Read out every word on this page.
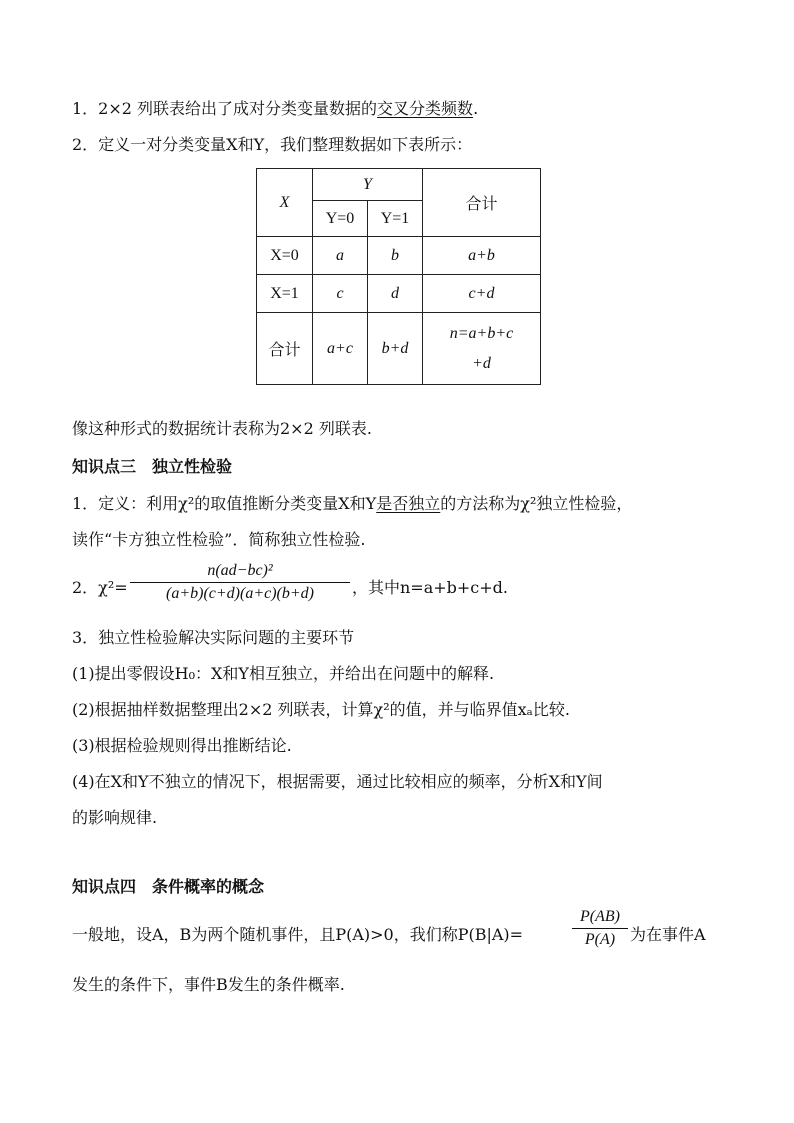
1．2×2 列联表给出了成对分类变量数据的交叉分类频数.
2．定义一对分类变量X和Y，我们整理数据如下表所示：
X	Y		合计
	Y=0	Y=1	
X=0	a	b	a+b
X=1	c	d	c+d
合计	a+c	b+d	n=a+b+c
+d
像这种形式的数据统计表称为2×2 列联表.
知识点三　独立性检验
1．定义：利用χ²的取值推断分类变量X和Y是否独立的方法称为χ²独立性检验，
读作“卡方独立性检验”．简称独立性检验.
2．χ²=
n(ad−bc)²
(a+b)(c+d)(a+c)(b+d)	，其中n=a+b+c+d.
3．独立性检验解决实际问题的主要环节
(1)提出零假设H₀：X和Y相互独立，并给出在问题中的解释.
(2)根据抽样数据整理出2×2 列联表，计算χ²的值，并与临界值xₐ比较.
(3)根据检验规则得出推断结论.
(4)在X和Y不独立的情况下，根据需要，通过比较相应的频率，分析X和Y间
的影响规律.
知识点四　条件概率的概念
一般地，设A，B为两个随机事件，且P(A)>0，我们称P(B|A)=
P(AB)
P(A) 为在事件A
发生的条件下，事件B发生的条件概率.
